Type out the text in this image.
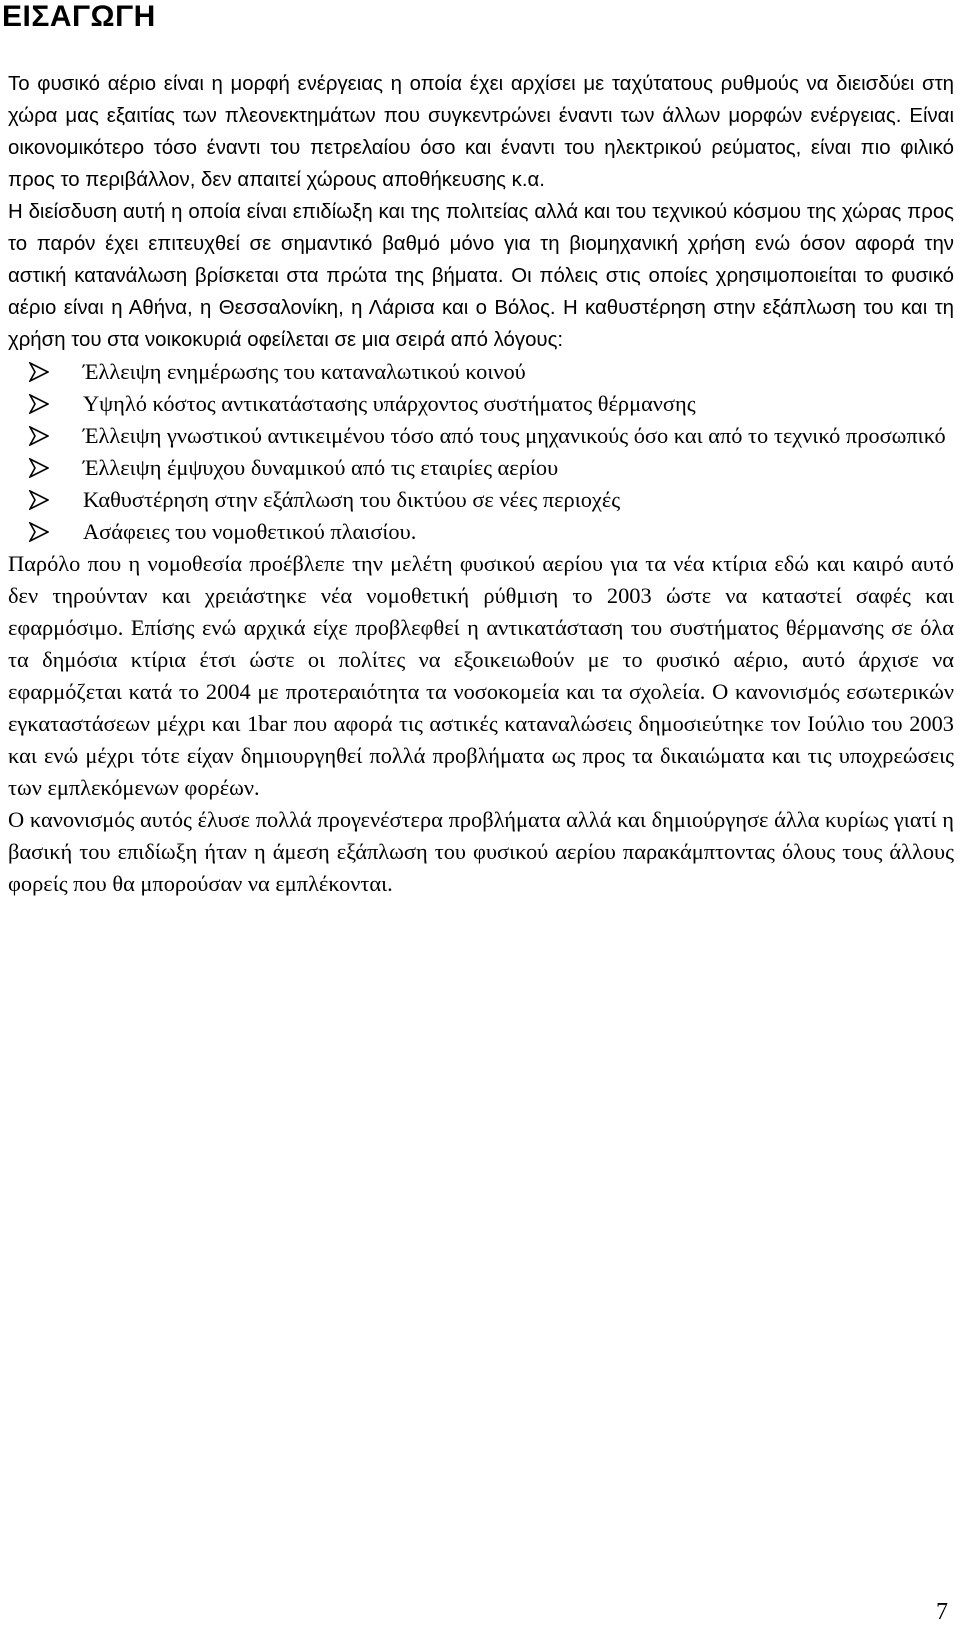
ΕΙΣΑΓΩΓΗ

Το φυσικό αέριο είναι η μορφή ενέργειας η οποία έχει αρχίσει με ταχύτατους ρυθμούς να διεισδύει στη χώρα μας εξαιτίας των πλεονεκτημάτων που συγκεντρώνει έναντι των άλλων μορφών ενέργειας. Είναι οικονομικότερο τόσο έναντι του πετρελαίου όσο και έναντι του ηλεκτρικού ρεύματος, είναι πιο φιλικό προς το περιβάλλον, δεν απαιτεί χώρους αποθήκευσης κ.α.

Η διείσδυση αυτή η οποία είναι επιδίωξη και της πολιτείας αλλά και του τεχνικού κόσμου της χώρας προς το παρόν έχει επιτευχθεί σε σημαντικό βαθμό μόνο για τη βιομηχανική χρήση ενώ όσον αφορά την αστική κατανάλωση βρίσκεται στα πρώτα της βήματα. Οι πόλεις στις οποίες χρησιμοποιείται το φυσικό αέριο είναι η Αθήνα, η Θεσσαλονίκη, η Λάρισα και ο Βόλος. Η καθυστέρηση στην εξάπλωση του και τη χρήση του στα νοικοκυριά οφείλεται σε μια σειρά από λόγους:

Έλλειψη ενημέρωσης του καταναλωτικού κοινού
Υψηλό κόστος αντικατάστασης υπάρχοντος συστήματος θέρμανσης
Έλλειψη γνωστικού αντικειμένου τόσο από τους μηχανικούς όσο και από το τεχνικό προσωπικό
Έλλειψη έμψυχου δυναμικού από τις εταιρίες αερίου
Καθυστέρηση στην εξάπλωση του δικτύου σε νέες περιοχές
Ασάφειες του νομοθετικού πλαισίου.

Παρόλο που η νομοθεσία προέβλεπε την μελέτη φυσικού αερίου για τα νέα κτίρια εδώ και καιρό αυτό δεν τηρούνταν και χρειάστηκε νέα νομοθετική ρύθμιση το 2003 ώστε να καταστεί σαφές και εφαρμόσιμο. Επίσης ενώ αρχικά είχε προβλεφθεί η αντικατάσταση του συστήματος θέρμανσης σε όλα τα δημόσια κτίρια έτσι ώστε οι πολίτες να εξοικειωθούν με το φυσικό αέριο, αυτό άρχισε να εφαρμόζεται κατά το 2004 με προτεραιότητα τα νοσοκομεία και τα σχολεία. Ο κανονισμός εσωτερικών εγκαταστάσεων μέχρι και 1bar που αφορά τις αστικές καταναλώσεις δημοσιεύτηκε τον Ιούλιο του 2003 και ενώ μέχρι τότε είχαν δημιουργηθεί πολλά προβλήματα ως προς τα δικαιώματα και τις υποχρεώσεις των εμπλεκόμενων φορέων.

Ο κανονισμός αυτός έλυσε πολλά προγενέστερα προβλήματα αλλά και δημιούργησε άλλα κυρίως γιατί η βασική του επιδίωξη ήταν η άμεση εξάπλωση του φυσικού αερίου παρακάμπτοντας όλους τους άλλους φορείς που θα μπορούσαν να εμπλέκονται.

7
